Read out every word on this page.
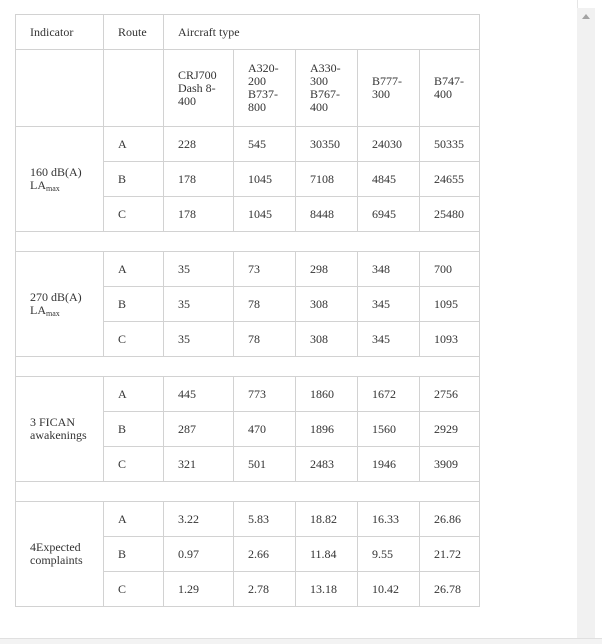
Indicator	Route	Aircraft type				
		CRJ700 Dash 8-400	A320-200 B737-800	A330-300 B767-400	B777-300	B747-400
160 dB(A) $LA_{max}$	A	228	545	30350	24030	50335
	B	178	1045	7108	4845	24655
	C	178	1045	8448	6945	25480

270 dB(A) $LA_{max}$	A	35	73	298	348	700
	B	35	78	308	345	1095
	C	35	78	308	345	1093

3 FICAN awakenings	A	445	773	1860	1672	2756
	B	287	470	1896	1560	2929
	C	321	501	2483	1946	3909

4Expected complaints	A	3.22	5.83	18.82	16.33	26.86
	B	0.97	2.66	11.84	9.55	21.72
	C	1.29	2.78	13.18	10.42	26.78
